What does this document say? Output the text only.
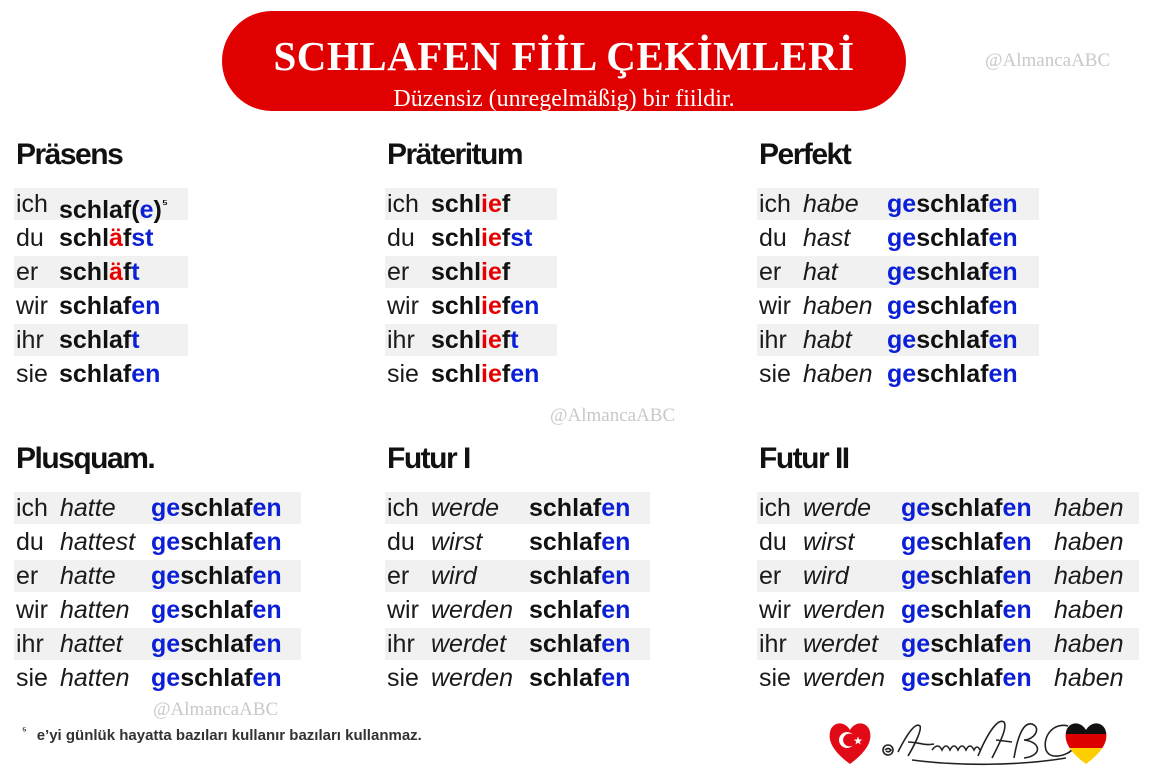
SCHLAFEN FİİL ÇEKİMLERİ
Düzensiz (unregelmäßig) bir fiildir.
@AlmancaABC
@AlmancaABC
@AlmancaABC
Präsens
ich $schlaf(e)^{^5}$
du schläfst
er schläft
wir schlafen
ihr schlaft
sie schlafen
Präteritum
ich schlief
du schliefst
er schlief
wir schliefen
ihr schlieft
sie schliefen
Perfekt
ich habe geschlafen
du hast geschlafen
er hat geschlafen
wir haben geschlafen
ihr habt geschlafen
sie haben geschlafen
Plusquam.
ich hatte geschlafen
du hattest geschlafen
er hatte geschlafen
wir hatten geschlafen
ihr hattet geschlafen
sie hatten geschlafen
Futur I
ich werde schlafen
du wirst schlafen
er wird schlafen
wir werden schlafen
ihr werdet schlafen
sie werden schlafen
Futur II
ich werde geschlafen haben
du wirst geschlafen haben
er wird geschlafen haben
wir werden geschlafen haben
ihr werdet geschlafen haben
sie werden geschlafen haben
$^{^5}$ e’yi günlük hayatta bazıları kullanır bazıları kullanmaz.
